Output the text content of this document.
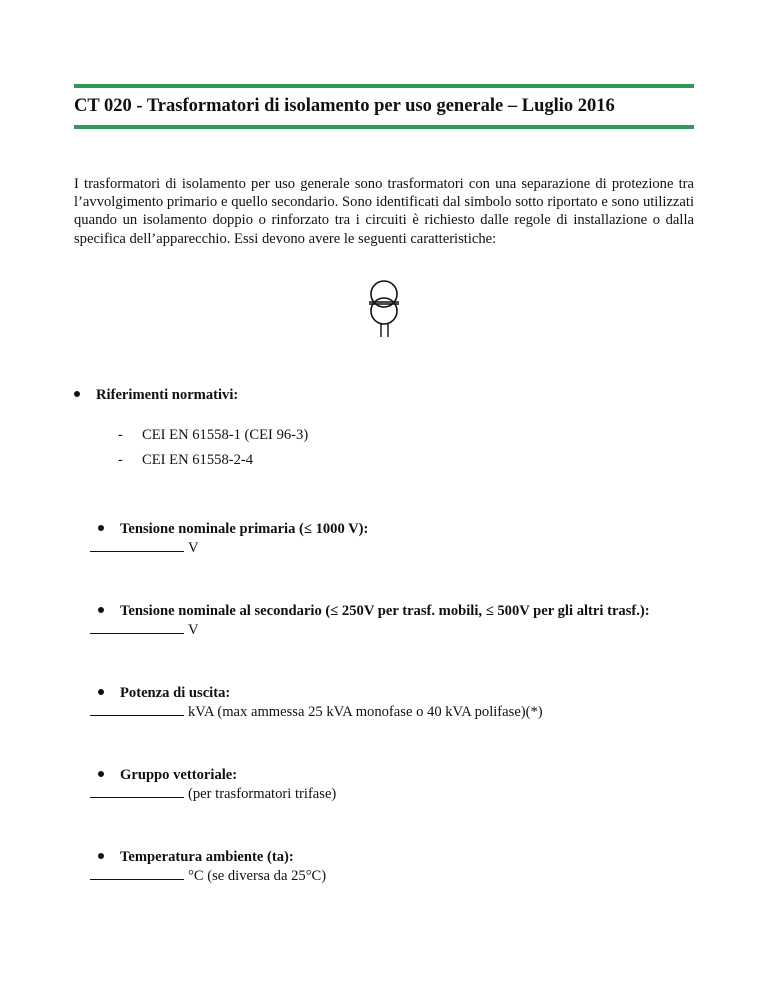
CT 020 - Trasformatori di isolamento per uso generale – Luglio 2016
I trasformatori di isolamento per uso generale sono trasformatori con una separazione di protezione tra l’avvolgimento primario e quello secondario. Sono identificati dal simbolo sotto riportato e sono utilizzati quando un isolamento doppio o rinforzato tra i circuiti è richiesto dalle regole di installazione o dalla specifica dell’apparecchio. Essi devono avere le seguenti caratteristiche:
Riferimenti normativi:
- CEI EN 61558-1 (CEI 96-3)
- CEI EN 61558-2-4
Tensione nominale primaria (≤ 1000 V):
V
Tensione nominale al secondario (≤ 250V per trasf. mobili, ≤ 500V per gli altri trasf.):
V
Potenza di uscita:
kVA (max ammessa 25 kVA monofase o 40 kVA polifase)(*)
Gruppo vettoriale:
(per trasformatori trifase)
Temperatura ambiente (ta):
°C (se diversa da 25°C)
